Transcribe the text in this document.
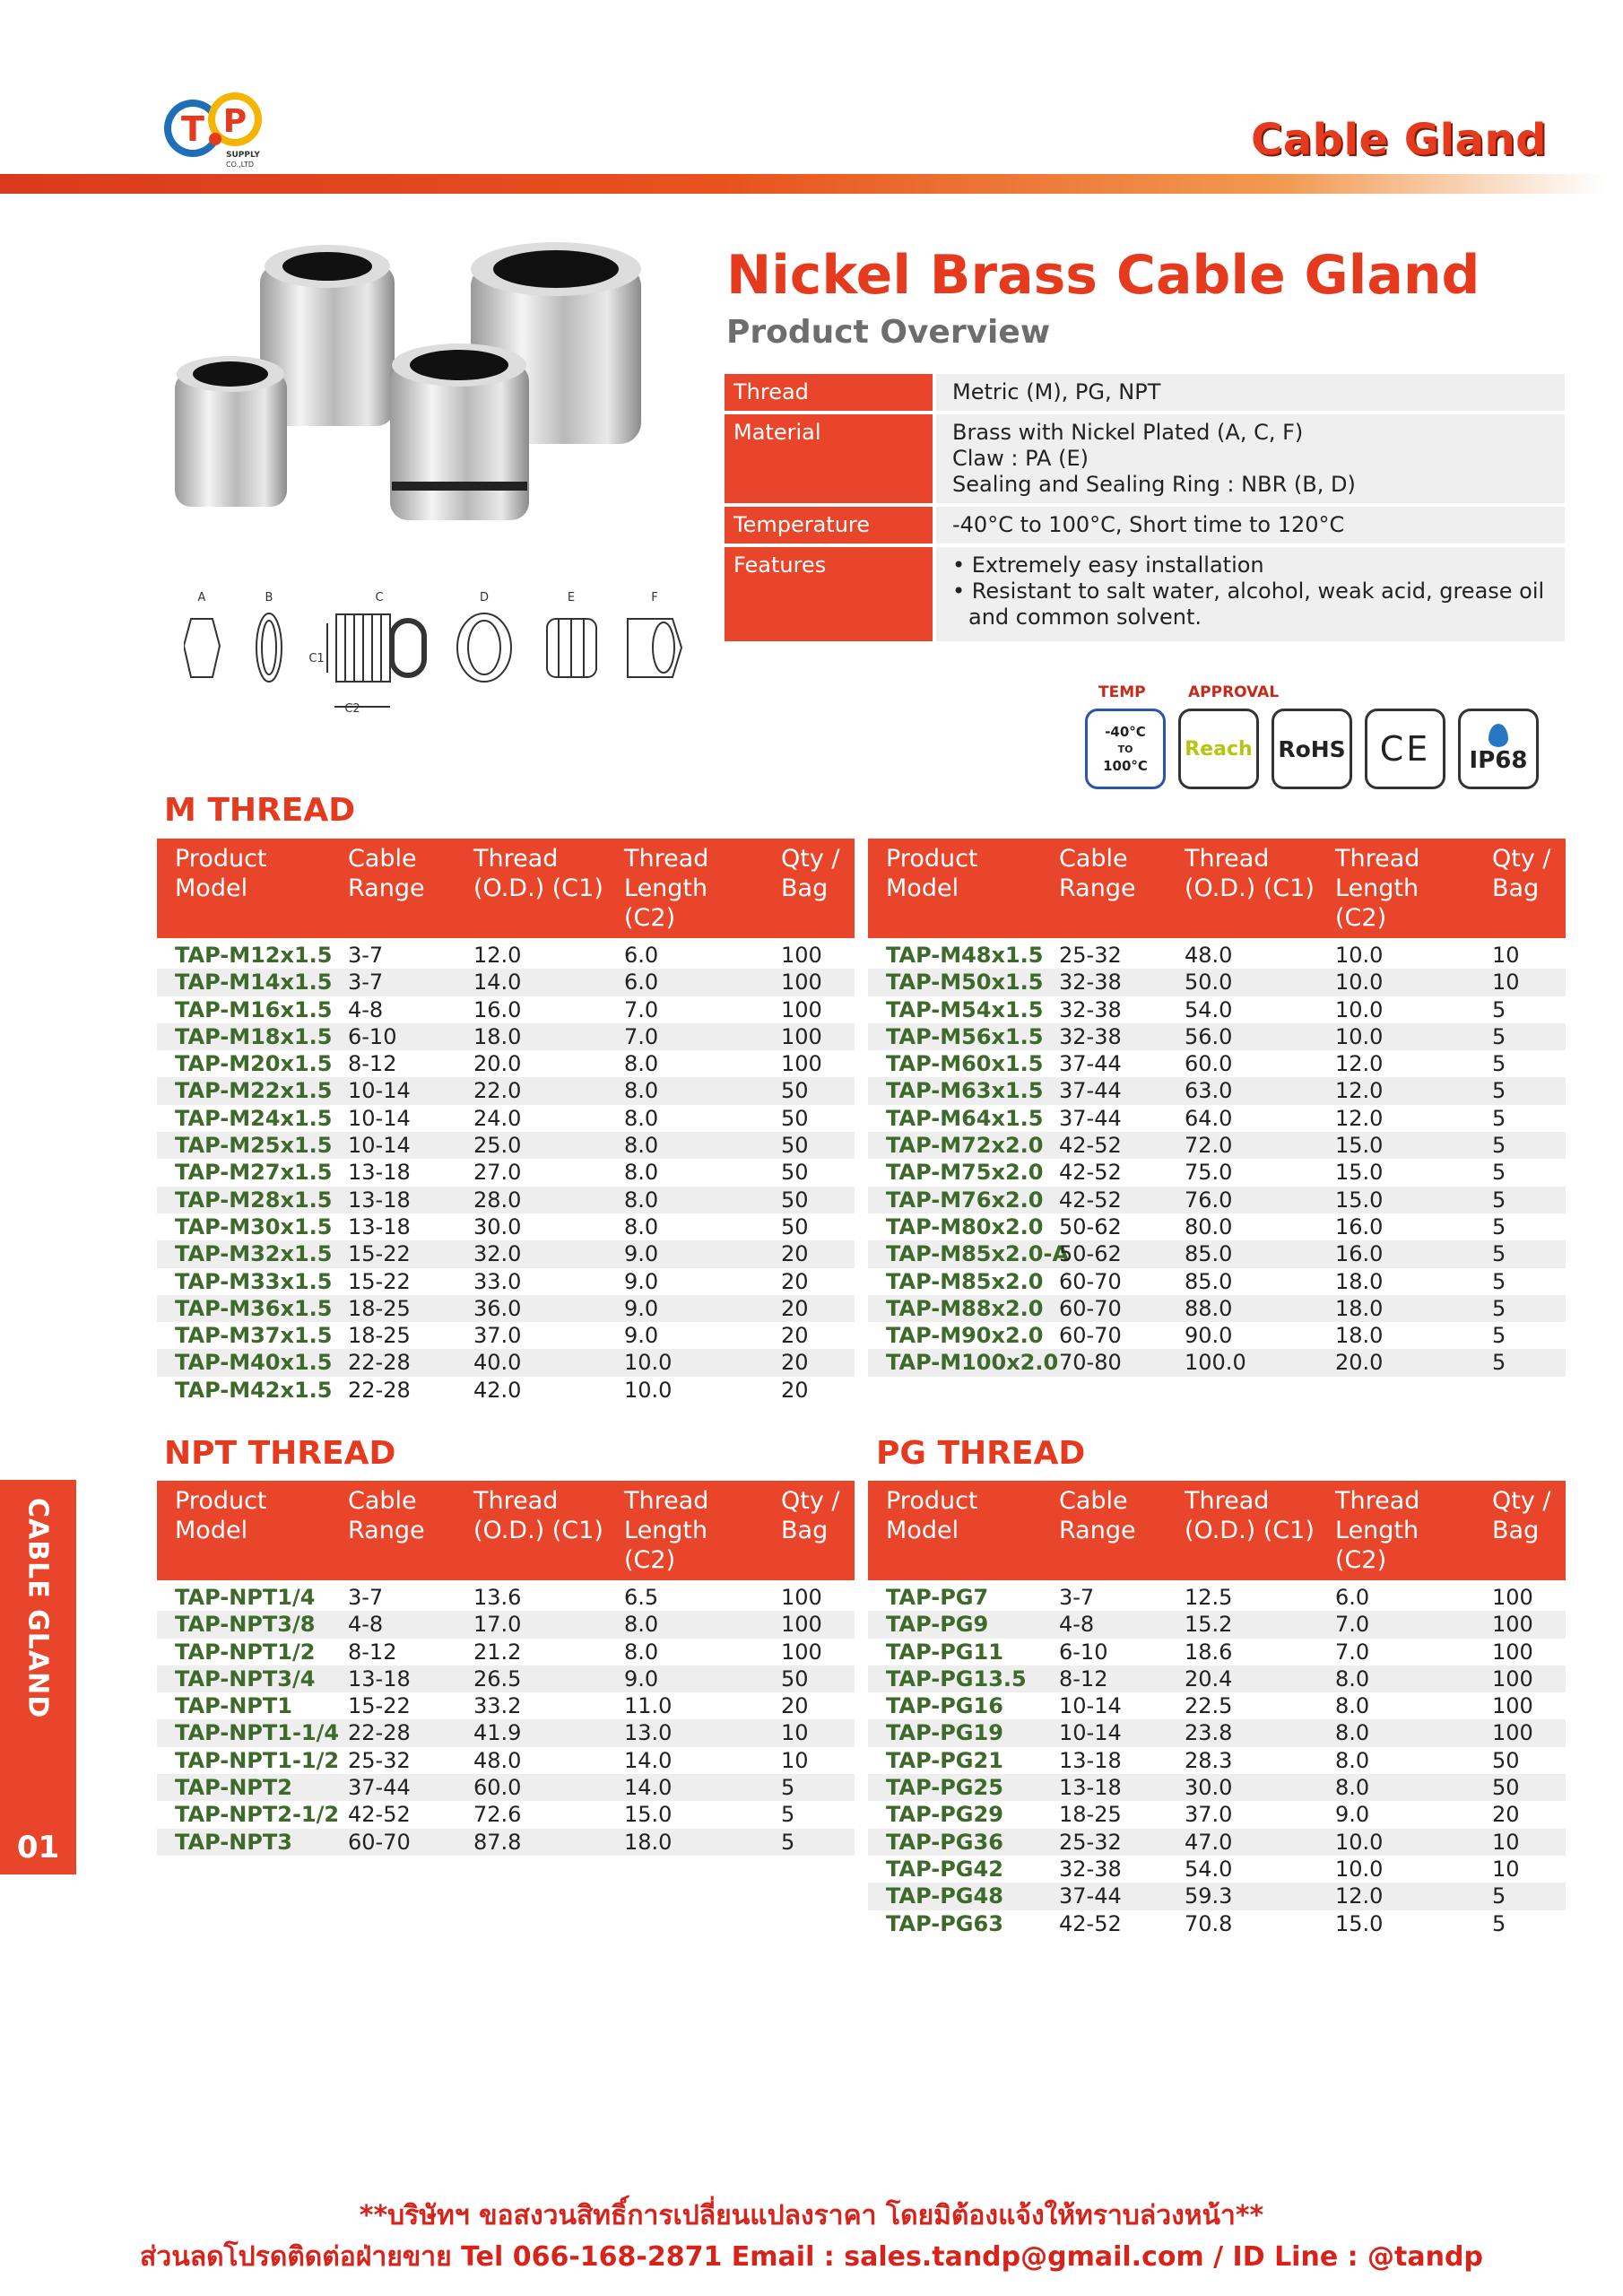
T P
SUPPLY
CO.,LTD	Cable Gland
A	B	C	D	E	F
C1
C2
Nickel Brass Cable Gland
Product Overview
Thread	Metric (M), PG, NPT

Material	Brass with Nickel Plated (A, C, F)
Claw : PA (E)
Sealing and Sealing Ring : NBR (B, D)

Temperature	-40°C to 100°C, Short time to 120°C

Features	• Extremely easy installation
• Resistant to salt water, alcohol, weak acid, grease oil and common solvent.
TEMP	APPROVAL
-40°C
TO
100°C
Reach RoHS CE IP68
M THREAD
Product Model	Cable Range	Thread (O.D.) (C1)	Thread Length (C2)	Qty / Bag

TAP-M12x1.5	3-7	12.0	6.0	100
TAP-M14x1.5	3-7	14.0	6.0	100
TAP-M16x1.5	4-8	16.0	7.0	100
TAP-M18x1.5	6-10	18.0	7.0	100
TAP-M20x1.5	8-12	20.0	8.0	100
TAP-M22x1.5	10-14	22.0	8.0	50
TAP-M24x1.5	10-14	24.0	8.0	50
TAP-M25x1.5	10-14	25.0	8.0	50
TAP-M27x1.5	13-18	27.0	8.0	50
TAP-M28x1.5	13-18	28.0	8.0	50
TAP-M30x1.5	13-18	30.0	8.0	50
TAP-M32x1.5	15-22	32.0	9.0	20
TAP-M33x1.5	15-22	33.0	9.0	20
TAP-M36x1.5	18-25	36.0	9.0	20
TAP-M37x1.5	18-25	37.0	9.0	20
TAP-M40x1.5	22-28	40.0	10.0	20
TAP-M42x1.5	22-28	42.0	10.0	20
Product Model	Cable Range	Thread (O.D.) (C1)	Thread Length (C2)	Qty / Bag

TAP-M48x1.5	25-32	48.0	10.0	10
TAP-M50x1.5	32-38	50.0	10.0	10
TAP-M54x1.5	32-38	54.0	10.0	5
TAP-M56x1.5	32-38	56.0	10.0	5
TAP-M60x1.5	37-44	60.0	12.0	5
TAP-M63x1.5	37-44	63.0	12.0	5
TAP-M64x1.5	37-44	64.0	12.0	5
TAP-M72x2.0	42-52	72.0	15.0	5
TAP-M75x2.0	42-52	75.0	15.0	5
TAP-M76x2.0	42-52	76.0	15.0	5
TAP-M80x2.0	50-62	80.0	16.0	5
TAP-M85x2.0-A	50-62	85.0	16.0	5
TAP-M85x2.0	60-70	85.0	18.0	5
TAP-M88x2.0	60-70	88.0	18.0	5
TAP-M90x2.0	60-70	90.0	18.0	5
TAP-M100x2.0	70-80	100.0	20.0	5

NPT THREAD
Product Model	Cable Range	Thread (O.D.) (C1)	Thread Length (C2)	Qty / Bag

TAP-NPT1/4	3-7	13.6	6.5	100
TAP-NPT3/8	4-8	17.0	8.0	100
TAP-NPT1/2	8-12	21.2	8.0	100
TAP-NPT3/4	13-18	26.5	9.0	50
TAP-NPT1	15-22	33.2	11.0	20
TAP-NPT1-1/4	22-28	41.9	13.0	10
TAP-NPT1-1/2	25-32	48.0	14.0	10
TAP-NPT2	37-44	60.0	14.0	5
TAP-NPT2-1/2	42-52	72.6	15.0	5
TAP-NPT3	60-70	87.8	18.0	5
PG THREAD
Product Model	Cable Range	Thread (O.D.) (C1)	Thread Length (C2)	Qty / Bag

TAP-PG7	3-7	12.5	6.0	100
TAP-PG9	4-8	15.2	7.0	100
TAP-PG11	6-10	18.6	7.0	100
TAP-PG13.5	8-12	20.4	8.0	100
TAP-PG16	10-14	22.5	8.0	100
TAP-PG19	10-14	23.8	8.0	100
TAP-PG21	13-18	28.3	8.0	50
TAP-PG25	13-18	30.0	8.0	50
TAP-PG29	18-25	37.0	9.0	20
TAP-PG36	25-32	47.0	10.0	10
TAP-PG42	32-38	54.0	10.0	10
TAP-PG48	37-44	59.3	12.0	5
TAP-PG63	42-52	70.8	15.0	5
CABLE GLAND
01
**บริษัทฯ ขอสงวนสิทธิ์การเปลี่ยนแปลงราคา โดยมิต้องแจ้งให้ทราบล่วงหน้า**
ส่วนลดโปรดติดต่อฝ่ายขาย Tel 066-168-2871 Email : sales.tandp@gmail.com / ID Line : @tandp
